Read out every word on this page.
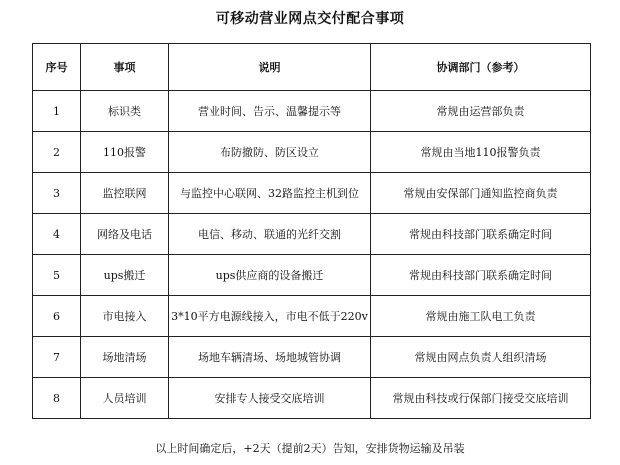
可移动营业网点交付配合事项
序号	事项	说明	协调部门（参考）
1	标识类	营业时间、告示、温馨提示等	常规由运营部负责
2	110报警	布防撤防、防区设立	常规由当地110报警负责
3	监控联网	与监控中心联网、32路监控主机到位	常规由安保部门通知监控商负责
4	网络及电话	电信、移动、联通的光纤交割	常规由科技部门联系确定时间
5	ups搬迁	ups供应商的设备搬迁	常规由科技部门联系确定时间
6	市电接入	3*10平方电源线接入，市电不低于220v	常规由施工队电工负责
7	场地清场	场地车辆清场、场地城管协调	常规由网点负责人组织清场
8	人员培训	安排专人接受交底培训	常规由科技或行保部门接受交底培训
以上时间确定后，+2天（提前2天）告知，安排货物运输及吊装
